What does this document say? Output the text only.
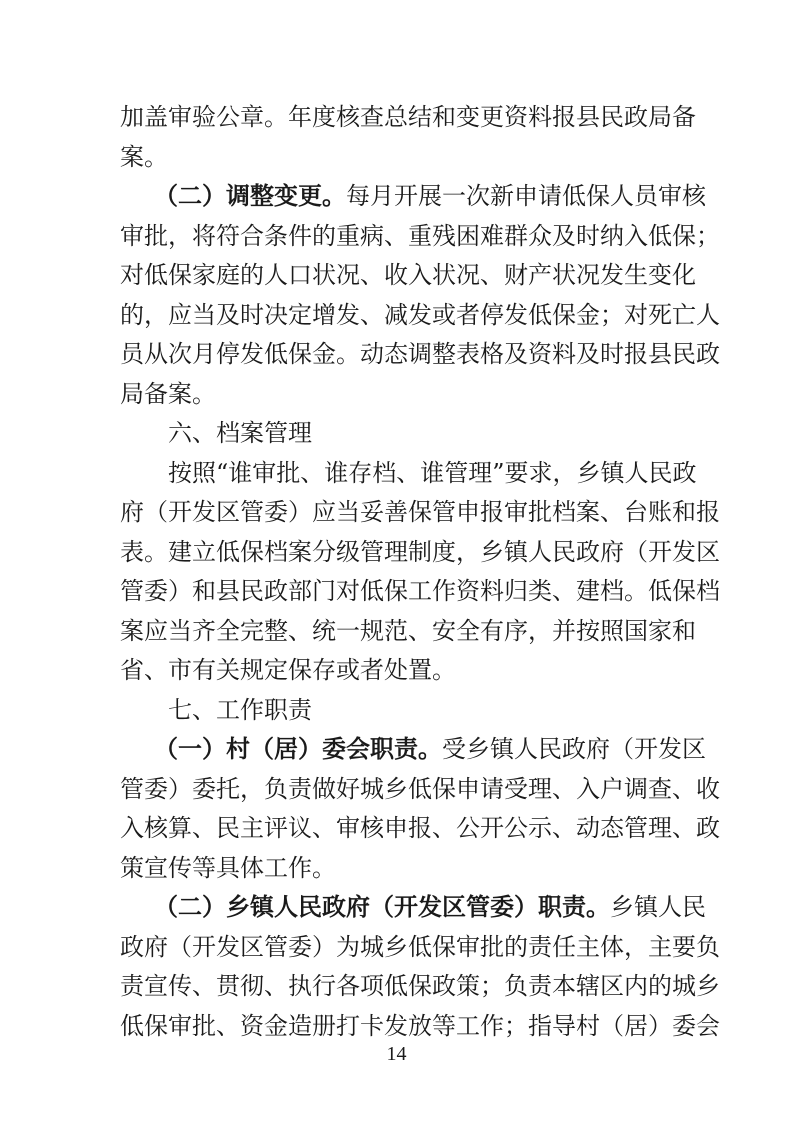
加盖审验公章。年度核查总结和变更资料报县民政局备
案。
（二）调整变更。每月开展一次新申请低保人员审核
审批，将符合条件的重病、重残困难群众及时纳入低保；
对低保家庭的人口状况、收入状况、财产状况发生变化
的，应当及时决定增发、减发或者停发低保金；对死亡人
员从次月停发低保金。动态调整表格及资料及时报县民政
局备案。
六、档案管理
按照“谁审批、谁存档、谁管理”要求，乡镇人民政
府（开发区管委）应当妥善保管申报审批档案、台账和报
表。建立低保档案分级管理制度，乡镇人民政府（开发区
管委）和县民政部门对低保工作资料归类、建档。低保档
案应当齐全完整、统一规范、安全有序，并按照国家和
省、市有关规定保存或者处置。
七、工作职责
（一）村（居）委会职责。受乡镇人民政府（开发区
管委）委托，负责做好城乡低保申请受理、入户调查、收
入核算、民主评议、审核申报、公开公示、动态管理、政
策宣传等具体工作。
（二）乡镇人民政府（开发区管委）职责。乡镇人民
政府（开发区管委）为城乡低保审批的责任主体，主要负
责宣传、贯彻、执行各项低保政策；负责本辖区内的城乡
低保审批、资金造册打卡发放等工作；指导村（居）委会
14
